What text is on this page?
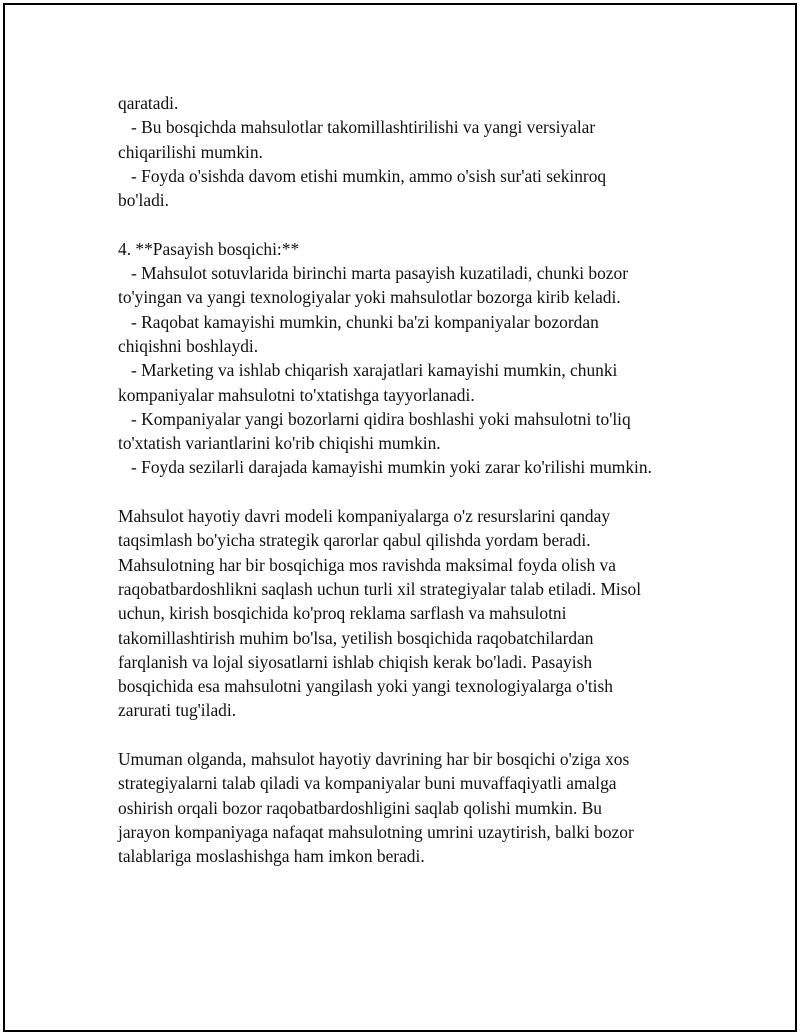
qaratadi.
- Bu bosqichda mahsulotlar takomillashtirilishi va yangi versiyalar
chiqarilishi mumkin.
- Foyda o'sishda davom etishi mumkin, ammo o'sish sur'ati sekinroq
bo'ladi.
4. **Pasayish bosqichi:**
- Mahsulot sotuvlarida birinchi marta pasayish kuzatiladi, chunki bozor
to'yingan va yangi texnologiyalar yoki mahsulotlar bozorga kirib keladi.
- Raqobat kamayishi mumkin, chunki ba'zi kompaniyalar bozordan
chiqishni boshlaydi.
- Marketing va ishlab chiqarish xarajatlari kamayishi mumkin, chunki
kompaniyalar mahsulotni to'xtatishga tayyorlanadi.
- Kompaniyalar yangi bozorlarni qidira boshlashi yoki mahsulotni to'liq
to'xtatish variantlarini ko'rib chiqishi mumkin.
- Foyda sezilarli darajada kamayishi mumkin yoki zarar ko'rilishi mumkin.
Mahsulot hayotiy davri modeli kompaniyalarga o'z resurslarini qanday
taqsimlash bo'yicha strategik qarorlar qabul qilishda yordam beradi.
Mahsulotning har bir bosqichiga mos ravishda maksimal foyda olish va
raqobatbardoshlikni saqlash uchun turli xil strategiyalar talab etiladi. Misol
uchun, kirish bosqichida ko'proq reklama sarflash va mahsulotni
takomillashtirish muhim bo'lsa, yetilish bosqichida raqobatchilardan
farqlanish va lojal siyosatlarni ishlab chiqish kerak bo'ladi. Pasayish
bosqichida esa mahsulotni yangilash yoki yangi texnologiyalarga o'tish
zarurati tug'iladi.
Umuman olganda, mahsulot hayotiy davrining har bir bosqichi o'ziga xos
strategiyalarni talab qiladi va kompaniyalar buni muvaffaqiyatli amalga
oshirish orqali bozor raqobatbardoshligini saqlab qolishi mumkin. Bu
jarayon kompaniyaga nafaqat mahsulotning umrini uzaytirish, balki bozor
talablariga moslashishga ham imkon beradi.
